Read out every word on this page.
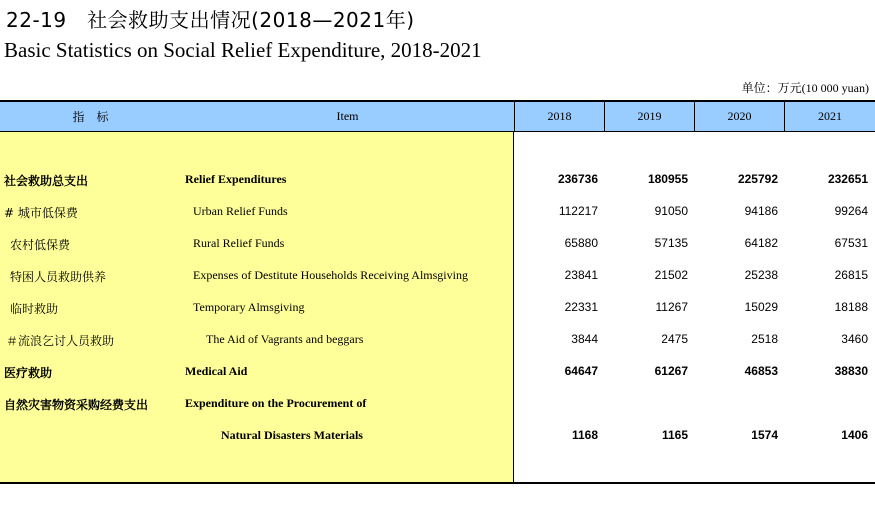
22-19　社会救助支出情况(2018—2021年)
Basic Statistics on Social Relief Expenditure, 2018-2021
单位：万元(10 000 yuan)
指　标	Item	2018	2019	2020	2021
社会救助总支出	Relief Expenditures	236736	180955	225792	232651
# 城市低保费	Urban Relief Funds	112217	91050	94186	99264
农村低保费	Rural Relief Funds	65880	57135	64182	67531
特困人员救助供养	Expenses of Destitute Households Receiving Almsgiving	23841	21502	25238	26815
临时救助	Temporary Almsgiving	22331	11267	15029	18188
＃流浪乞讨人员救助	The Aid of Vagrants and beggars	3844	2475	2518	3460
医疗救助	Medical Aid	64647	61267	46853	38830
自然灾害物资采购经费支出	Expenditure on the Procurement of
Natural Disasters Materials	1168	1165	1574	1406
